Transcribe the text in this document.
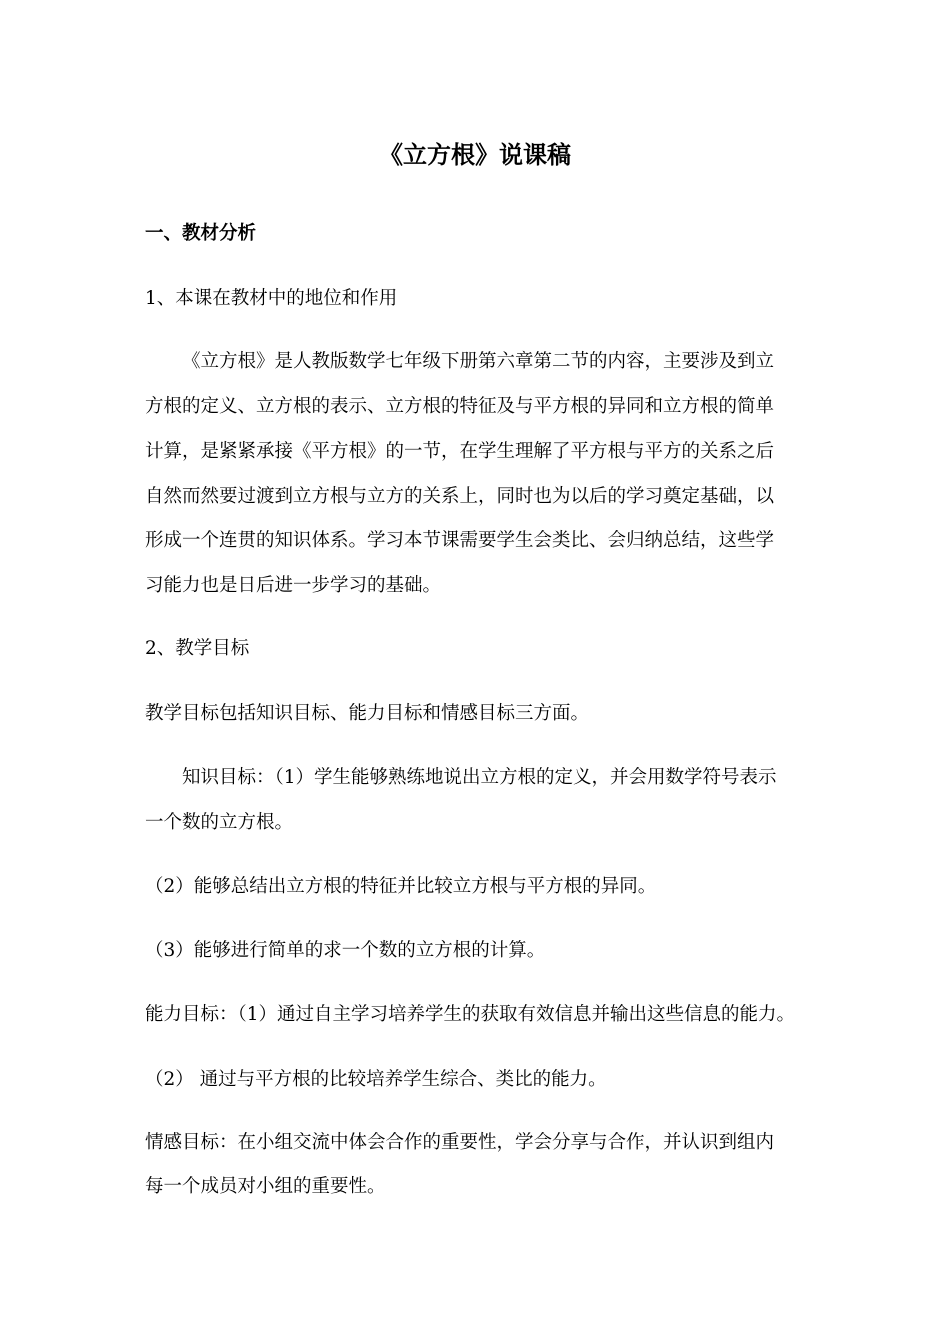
《立方根》说课稿
一、教材分析
1、本课在教材中的地位和作用
《立方根》是人教版数学七年级下册第六章第二节的内容，主要涉及到立
方根的定义、立方根的表示、立方根的特征及与平方根的异同和立方根的简单
计算，是紧紧承接《平方根》的一节，在学生理解了平方根与平方的关系之后
自然而然要过渡到立方根与立方的关系上，同时也为以后的学习奠定基础，以
形成一个连贯的知识体系。学习本节课需要学生会类比、会归纳总结，这些学
习能力也是日后进一步学习的基础。
2、教学目标
教学目标包括知识目标、能力目标和情感目标三方面。
知识目标：（1）学生能够熟练地说出立方根的定义，并会用数学符号表示
一个数的立方根。
（2）能够总结出立方根的特征并比较立方根与平方根的异同。
（3）能够进行简单的求一个数的立方根的计算。
能力目标：（1）通过自主学习培养学生的获取有效信息并输出这些信息的能力。
（2） 通过与平方根的比较培养学生综合、类比的能力。
情感目标：在小组交流中体会合作的重要性，学会分享与合作，并认识到组内
每一个成员对小组的重要性。
